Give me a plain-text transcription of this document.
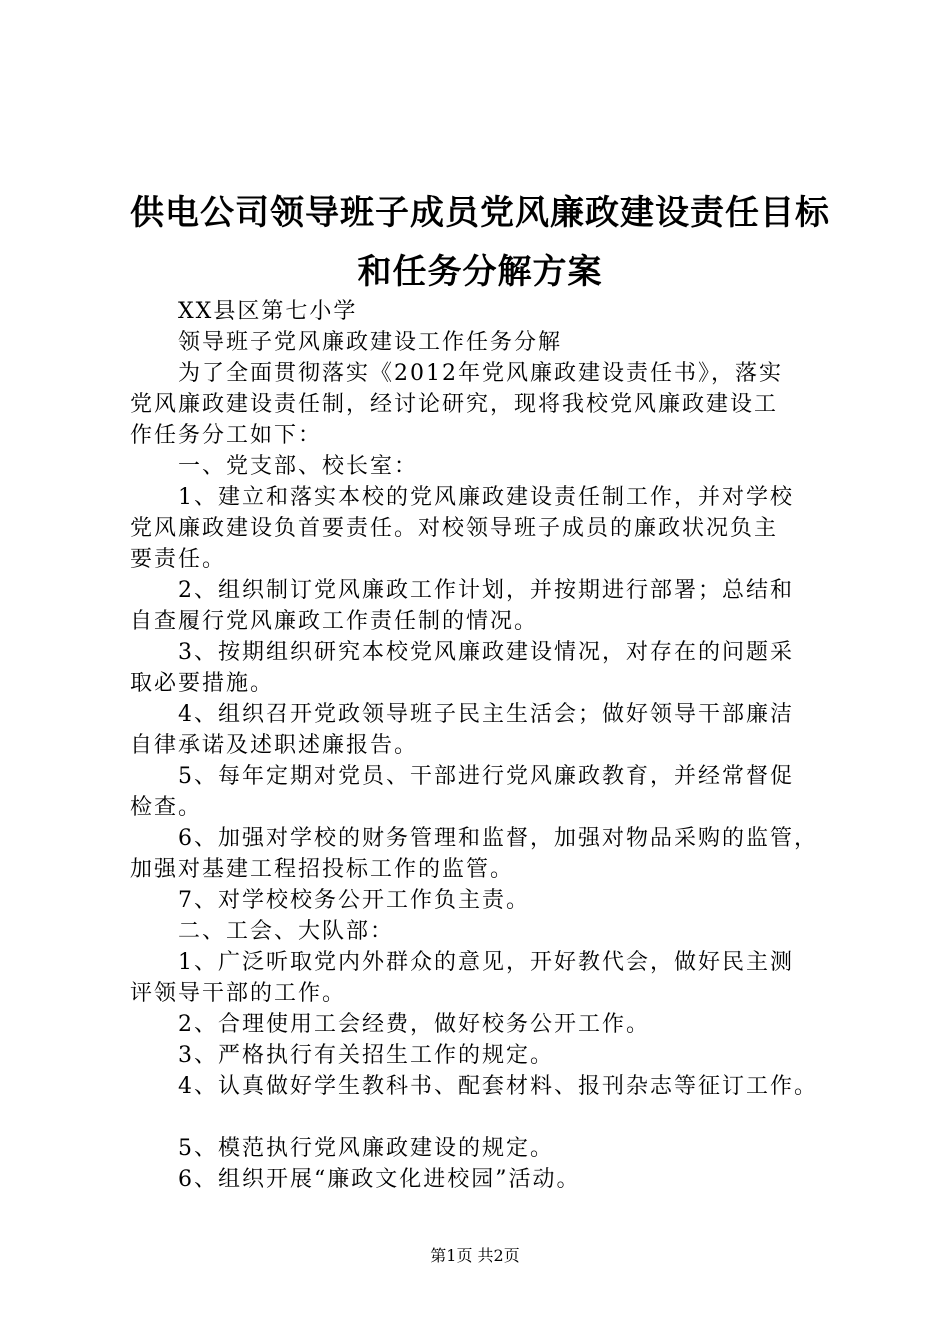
供电公司领导班子成员党风廉政建设责任目标
和任务分解方案
XX县区第七小学
领导班子党风廉政建设工作任务分解
为了全面贯彻落实《2012年党风廉政建设责任书》，落实
党风廉政建设责任制，经讨论研究，现将我校党风廉政建设工
作任务分工如下：
一、党支部、校长室：
1、建立和落实本校的党风廉政建设责任制工作，并对学校
党风廉政建设负首要责任。对校领导班子成员的廉政状况负主
要责任。
2、组织制订党风廉政工作计划，并按期进行部署；总结和
自查履行党风廉政工作责任制的情况。
3、按期组织研究本校党风廉政建设情况，对存在的问题采
取必要措施。
4、组织召开党政领导班子民主生活会；做好领导干部廉洁
自律承诺及述职述廉报告。
5、每年定期对党员、干部进行党风廉政教育，并经常督促
检查。
6、加强对学校的财务管理和监督，加强对物品采购的监管，
加强对基建工程招投标工作的监管。
7、对学校校务公开工作负主责。
二、工会、大队部：
1、广泛听取党内外群众的意见，开好教代会，做好民主测
评领导干部的工作。
2、合理使用工会经费，做好校务公开工作。
3、严格执行有关招生工作的规定。
4、认真做好学生教科书、配套材料、报刊杂志等征订工作。
5、模范执行党风廉政建设的规定。
6、组织开展“廉政文化进校园”活动。
第1页 共2页
